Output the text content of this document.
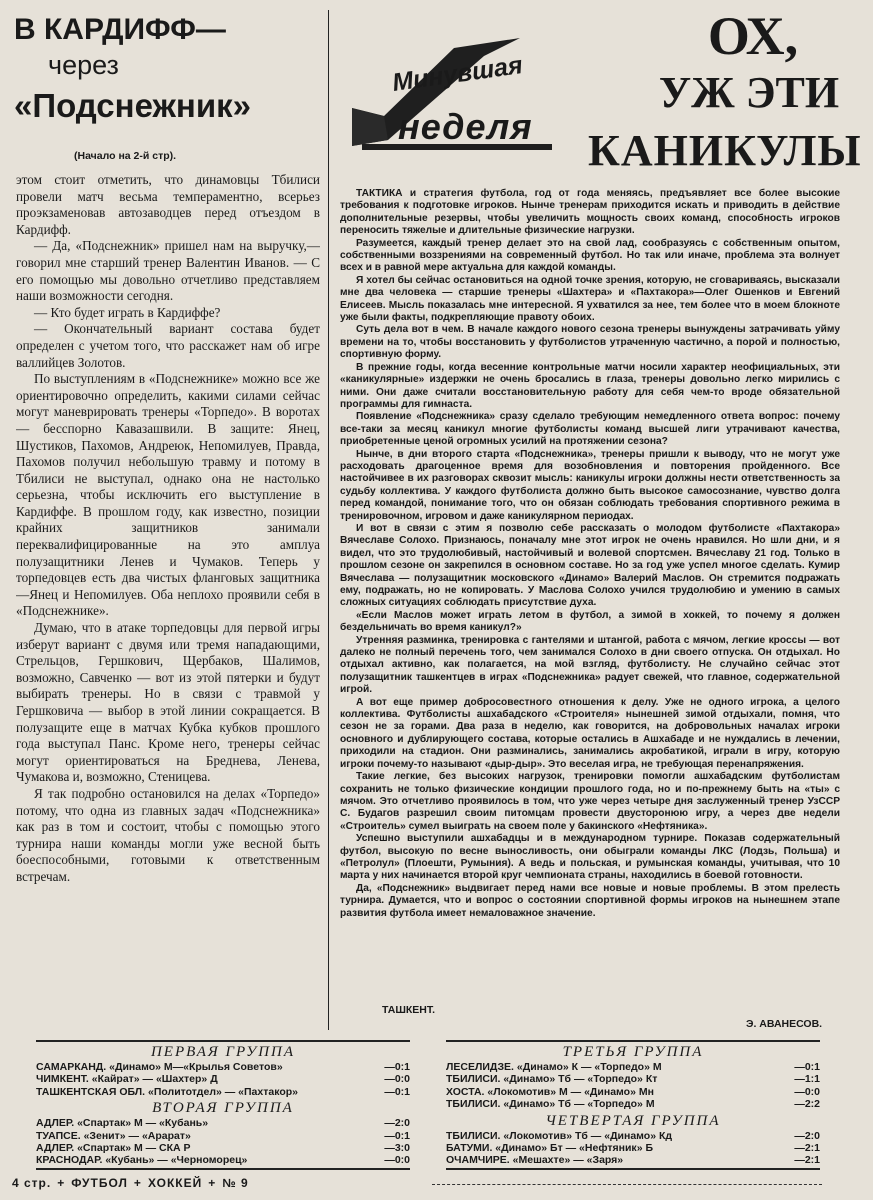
В КАРДИФФ—
через
«Подснежник»
(Начало на 2-й стр).

этом стоит отметить, что динамовцы Тбилиси провели матч весьма темпераментно, всерьез проэкзаменовав автозаводцев перед отъездом в Кардифф.

— Да, «Подснежник» пришел нам на выручку,— говорил мне старший тренер Валентин Иванов. — С его помощью мы довольно отчетливо представляем наши возможности сегодня.

— Кто будет играть в Кардиффе?

— Окончательный вариант состава будет определен с учетом того, что расскажет нам об игре валлийцев Золотов.

По выступлениям в «Подснежнике» можно все же ориентировочно определить, какими силами сейчас могут маневрировать тренеры «Торпедо». В воротах — бесспорно Кавазашвили. В защите: Янец, Шустиков, Пахомов, Андреюк, Непомилуев, Правда, Пахомов получил небольшую травму и потому в Тбилиси не выступал, однако она не настолько серьезна, чтобы исключить его выступление в Кардиффе. В прошлом году, как известно, позиции крайних защитников занимали переквалифицированные на это амплуа полузащитники Ленев и Чумаков. Теперь у торпедовцев есть два чистых фланговых защитника—Янец и Непомилуев. Оба неплохо проявили себя в «Подснежнике».

Думаю, что в атаке торпедовцы для первой игры изберут вариант с двумя или тремя нападающими, Стрельцов, Гершкович, Щербаков, Шалимов, возможно, Савченко — вот из этой пятерки и будут выбирать тренеры. Но в связи с травмой у Гершковича — выбор в этой линии сокращается. В полузащите еще в матчах Кубка кубков прошлого года выступал Панс. Кроме него, тренеры сейчас могут ориентироваться на Бреднева, Ленева, Чумакова и, возможно, Стеницева.

Я так подробно остановился на делах «Торпедо» потому, что одна из главных задач «Подснежника» как раз в том и состоит, чтобы с помощью этого турнира наши команды могли уже весной быть боеспособными, готовыми к ответственным встречам.

Минувшая
неделя
ОХ,
УЖ ЭТИ
КАНИКУЛЫ

ТАКТИКА и стратегия футбола, год от года меняясь, предъявляет все более высокие требования к подготовке игроков. Нынче тренерам приходится искать и приводить в действие дополнительные резервы, чтобы увеличить мощность своих команд, способность игроков переносить тяжелые и длительные физические нагрузки.

Разумеется, каждый тренер делает это на свой лад, сообразуясь с собственным опытом, собственными воззрениями на современный футбол. Но так или иначе, проблема эта волнует всех и в равной мере актуальна для каждой команды.

Я хотел бы сейчас остановиться на одной точке зрения, которую, не сговариваясь, высказали мне два человека — старшие тренеры «Шахтера» и «Пахтакора»—Олег Ошенков и Евгений Елисеев. Мысль показалась мне интересной. Я ухватился за нее, тем более что в моем блокноте уже были факты, подкрепляющие правоту обоих.

Суть дела вот в чем. В начале каждого нового сезона тренеры вынуждены затрачивать уйму времени на то, чтобы восстановить у футболистов утраченную частично, а порой и полностью, спортивную форму.

В прежние годы, когда весенние контрольные матчи носили характер неофициальных, эти «каникулярные» издержки не очень бросались в глаза, тренеры довольно легко мирились с ними. Они даже считали восстановительную работу для себя чем-то вроде обязательной программы для гимнаста.

Появление «Подснежника» сразу сделало требующим немедленного ответа вопрос: почему все-таки за месяц каникул многие футболисты команд высшей лиги утрачивают качества, приобретенные ценой огромных усилий на протяжении сезона?

Нынче, в дни второго старта «Подснежника», тренеры пришли к выводу, что не могут уже расходовать драгоценное время для возобновления и повторения пройденного. Все настойчивее в их разговорах сквозит мысль: каникулы игроки должны нести ответственность за судьбу коллектива. У каждого футболиста должно быть высокое самосознание, чувство долга перед командой, понимание того, что он обязан соблюдать требования спортивного режима в тренировочном, игровом и даже каникулярном периодах.

И вот в связи с этим я позволю себе рассказать о молодом футболисте «Пахтакора» Вячеславе Солохо. Признаюсь, поначалу мне этот игрок не очень нравился. Но шли дни, и я видел, что это трудолюбивый, настойчивый и волевой спортсмен. Вячеславу 21 год. Только в прошлом сезоне он закрепился в основном составе. Но за год уже успел многое сделать. Кумир Вячеслава — полузащитник московского «Динамо» Валерий Маслов. Он стремится подражать ему, подражать, но не копировать. У Маслова Солохо учился трудолюбию и умению в самых сложных ситуациях соблюдать присутствие духа.

«Если Маслов может играть летом в футбол, а зимой в хоккей, то почему я должен бездельничать во время каникул?»

Утренняя разминка, тренировка с гантелями и штангой, работа с мячом, легкие кроссы — вот далеко не полный перечень того, чем занимался Солохо в дни своего отпуска. Он отдыхал. Но отдыхал активно, как полагается, на мой взгляд, футболисту. Не случайно сейчас этот полузащитник ташкентцев в играх «Подснежника» радует свежей, что главное, содержательной игрой.

А вот еще пример добросовестного отношения к делу. Уже не одного игрока, а целого коллектива. Футболисты ашхабадского «Строителя» нынешней зимой отдыхали, помня, что сезон не за горами. Два раза в неделю, как говорится, на добровольных началах игроки основного и дублирующего состава, которые остались в Ашхабаде и не нуждались в лечении, приходили на стадион. Они разминались, занимались акробатикой, играли в игру, которую игроки почему-то называют «дыр-дыр». Это веселая игра, не требующая перенапряжения.

Такие легкие, без высоких нагрузок, тренировки помогли ашхабадским футболистам сохранить не только физические кондиции прошлого года, но и по-прежнему быть на «ты» с мячом. Это отчетливо проявилось в том, что уже через четыре дня заслуженный тренер УзССР С. Будагов разрешил своим питомцам провести двусторонюю игру, а через две недели «Строитель» сумел выиграть на своем поле у бакинского «Нефтяника».

Успешно выступили ашхабадцы и в международном турнире. Показав содержательный футбол, высокую по весне выносливость, они обыграли команды ЛКС (Лодзь, Польша) и «Петролул» (Плоешти, Румыния). А ведь и польская, и румынская команды, учитывая, что 10 марта у них начинается второй круг чемпионата страны, находились в боевой готовности.

Да, «Подснежник» выдвигает перед нами все новые и новые проблемы. В этом прелесть турнира. Думается, что и вопрос о состоянии спортивной формы игроков на нынешнем этапе развития футбола имеет немаловажное значение.

ТАШКЕНТ.
Э. АВАНЕСОВ.
ПЕРВАЯ ГРУППА
САМАРКАНД. «Динамо» М—«Крылья Советов»	—0:1
ЧИМКЕНТ. «Кайрат» — «Шахтер» Д	—0:0
ТАШКЕНТСКАЯ ОБЛ. «Политотдел» — «Пахтакор»	—0:1
ВТОРАЯ ГРУППА
АДЛЕР. «Спартак» М — «Кубань»	—2:0
ТУАПСЕ. «Зенит» — «Арарат»	—0:1
АДЛЕР. «Спартак» М — СКА Р	—3:0
КРАСНОДАР. «Кубань» — «Черноморец»	—0:0
ТРЕТЬЯ ГРУППА
ЛЕСЕЛИДЗЕ. «Динамо» К — «Торпедо» М	—0:1
ТБИЛИСИ. «Динамо» Тб — «Торпедо» Кт	—1:1
ХОСТА. «Локомотив» М — «Динамо» Мн	—0:0
ТБИЛИСИ. «Динамо» Тб — «Торпедо» М	—2:2
ЧЕТВЕРТАЯ ГРУППА
ТБИЛИСИ. «Локомотив» Тб — «Динамо» Кд	—2:0
БАТУМИ. «Динамо» Бт — «Нефтяник» Б	—2:1
ОЧАМЧИРЕ. «Мешахте» — «Заря»	—2:1
4 стр. + ФУТБОЛ + ХОККЕЙ + № 9
